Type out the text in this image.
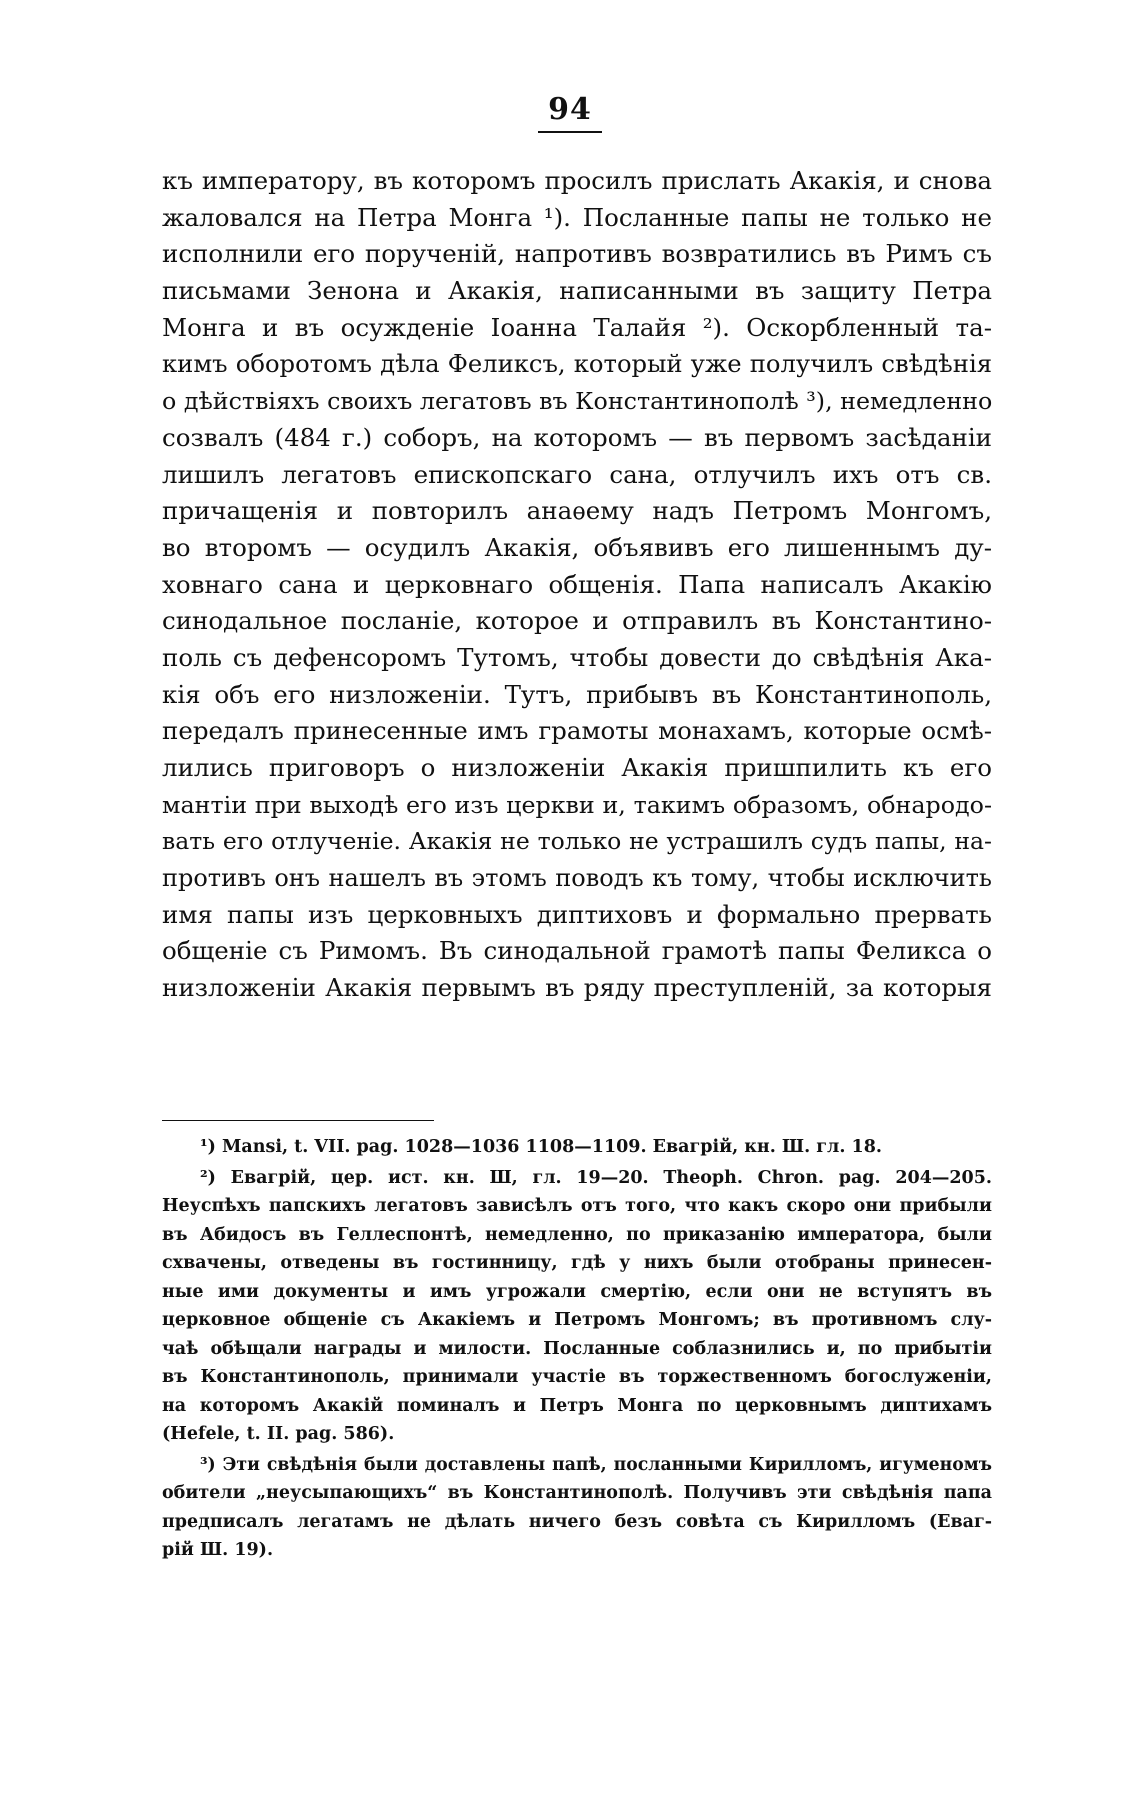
94
къ императору, въ которомъ просилъ прислать Акакія, и снова
жаловался на Петра Монга ¹). Посланные папы не только не
исполнили его порученій, напротивъ возвратились въ Римъ съ
письмами Зенона и Акакія, написанными въ защиту Петра
Монга и въ осужденіе Іоанна Талайя ²). Оскорбленный та-
кимъ оборотомъ дѣла Феликсъ, который уже получилъ свѣдѣнія
о дѣйствіяхъ своихъ легатовъ въ Константинополѣ ³), немедленно
созвалъ (484 г.) соборъ, на которомъ — въ первомъ засѣданіи
лишилъ легатовъ епископскаго сана, отлучилъ ихъ отъ св.
причащенія и повторилъ анаѳему надъ Петромъ Монгомъ,
во второмъ — осудилъ Акакія, объявивъ его лишеннымъ ду-
ховнаго сана и церковнаго общенія. Папа написалъ Акакію
синодальное посланіе, которое и отправилъ въ Константино-
поль съ дефенсоромъ Тутомъ, чтобы довести до свѣдѣнія Ака-
кія объ его низложеніи. Тутъ, прибывъ въ Константинополь,
передалъ принесенные имъ грамоты монахамъ, которые осмѣ-
лились приговоръ о низложеніи Акакія пришпилить къ его
мантіи при выходѣ его изъ церкви и, такимъ образомъ, обнародо-
вать его отлученіе. Акакія не только не устрашилъ судъ папы, на-
противъ онъ нашелъ въ этомъ поводъ къ тому, чтобы исключить
имя папы изъ церковныхъ диптиховъ и формально прервать
общеніе съ Римомъ. Въ синодальной грамотѣ папы Феликса о
низложеніи Акакія первымъ въ ряду преступленій, за которыя
¹) Mansi, t. VII. pag. 1028—1036 1108—1109. Евагрій, кн. Ш. гл. 18.
²) Евагрій, цер. ист. кн. Ш, гл. 19—20. Theoph. Chron. pag. 204—205.
Неуспѣхъ папскихъ легатовъ зависѣлъ отъ того, что какъ скоро они прибыли
въ Абидосъ въ Геллеспонтѣ, немедленно, по приказанію императора, были
схвачены, отведены въ гостинницу, гдѣ у нихъ были отобраны принесен-
ные ими документы и имъ угрожали смертію, если они не вступятъ въ
церковное общеніе съ Акакіемъ и Петромъ Монгомъ; въ противномъ слу-
чаѣ обѣщали награды и милости. Посланные соблазнились и, по прибытіи
въ Константинополь, принимали участіе въ торжественномъ богослуженіи,
на которомъ Акакій поминалъ и Петръ Монга по церковнымъ диптихамъ
(Hefele, t. II. pag. 586).
³) Эти свѣдѣнія были доставлены папѣ, посланными Кирилломъ, игуменомъ
обители „неусыпающихъ“ въ Константинополѣ. Получивъ эти свѣдѣнія папа
предписалъ легатамъ не дѣлать ничего безъ совѣта съ Кирилломъ (Еваг-
рій Ш. 19).
